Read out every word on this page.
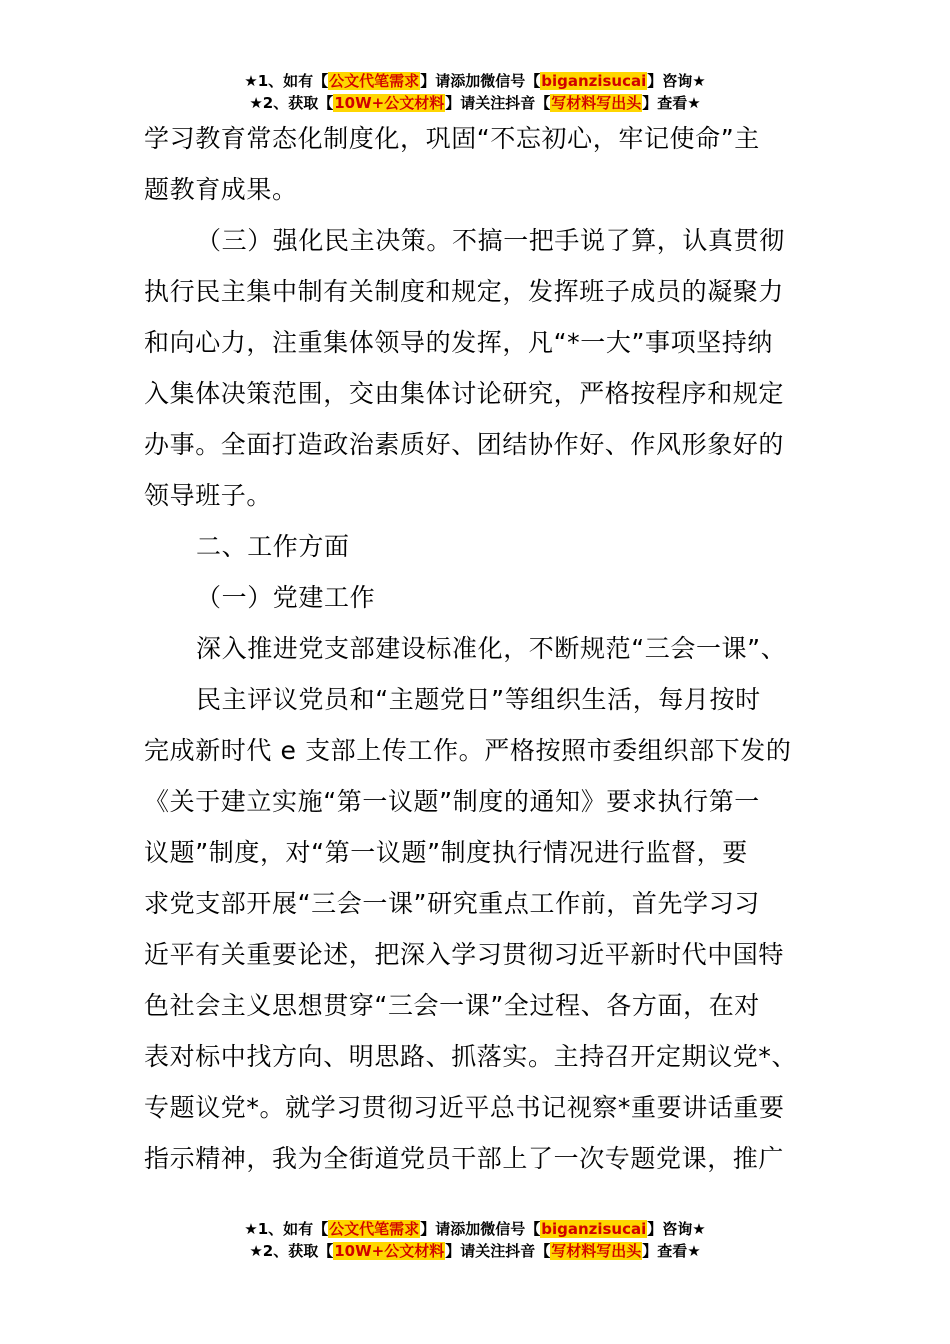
★1、如有【公文代笔需求】请添加微信号【biganzisucai】咨询★
★2、获取【10W+公文材料】请关注抖音【写材料写出头】查看★

学习教育常态化制度化，巩固“不忘初心，牢记使命”主

题教育成果。

（三）强化民主决策。不搞一把手说了算，认真贯彻

执行民主集中制有关制度和规定，发挥班子成员的凝聚力

和向心力，注重集体领导的发挥，凡“*一大”事项坚持纳

入集体决策范围，交由集体讨论研究，严格按程序和规定

办事。全面打造政治素质好、团结协作好、作风形象好的

领导班子。

二、工作方面

（一）党建工作

深入推进党支部建设标准化，不断规范“三会一课”、

民主评议党员和“主题党日”等组织生活，每月按时

完成新时代 e 支部上传工作。严格按照市委组织部下发的

《关于建立实施“第一议题”制度的通知》要求执行第一

议题”制度，对“第一议题”制度执行情况进行监督，要

求党支部开展“三会一课”研究重点工作前，首先学习习

近平有关重要论述，把深入学习贯彻习近平新时代中国特

色社会主义思想贯穿“三会一课”全过程、各方面，在对

表对标中找方向、明思路、抓落实。主持召开定期议党*、

专题议党*。就学习贯彻习近平总书记视察*重要讲话重要

指示精神，我为全街道党员干部上了一次专题党课，推广

★1、如有【公文代笔需求】请添加微信号【biganzisucai】咨询★
★2、获取【10W+公文材料】请关注抖音【写材料写出头】查看★
